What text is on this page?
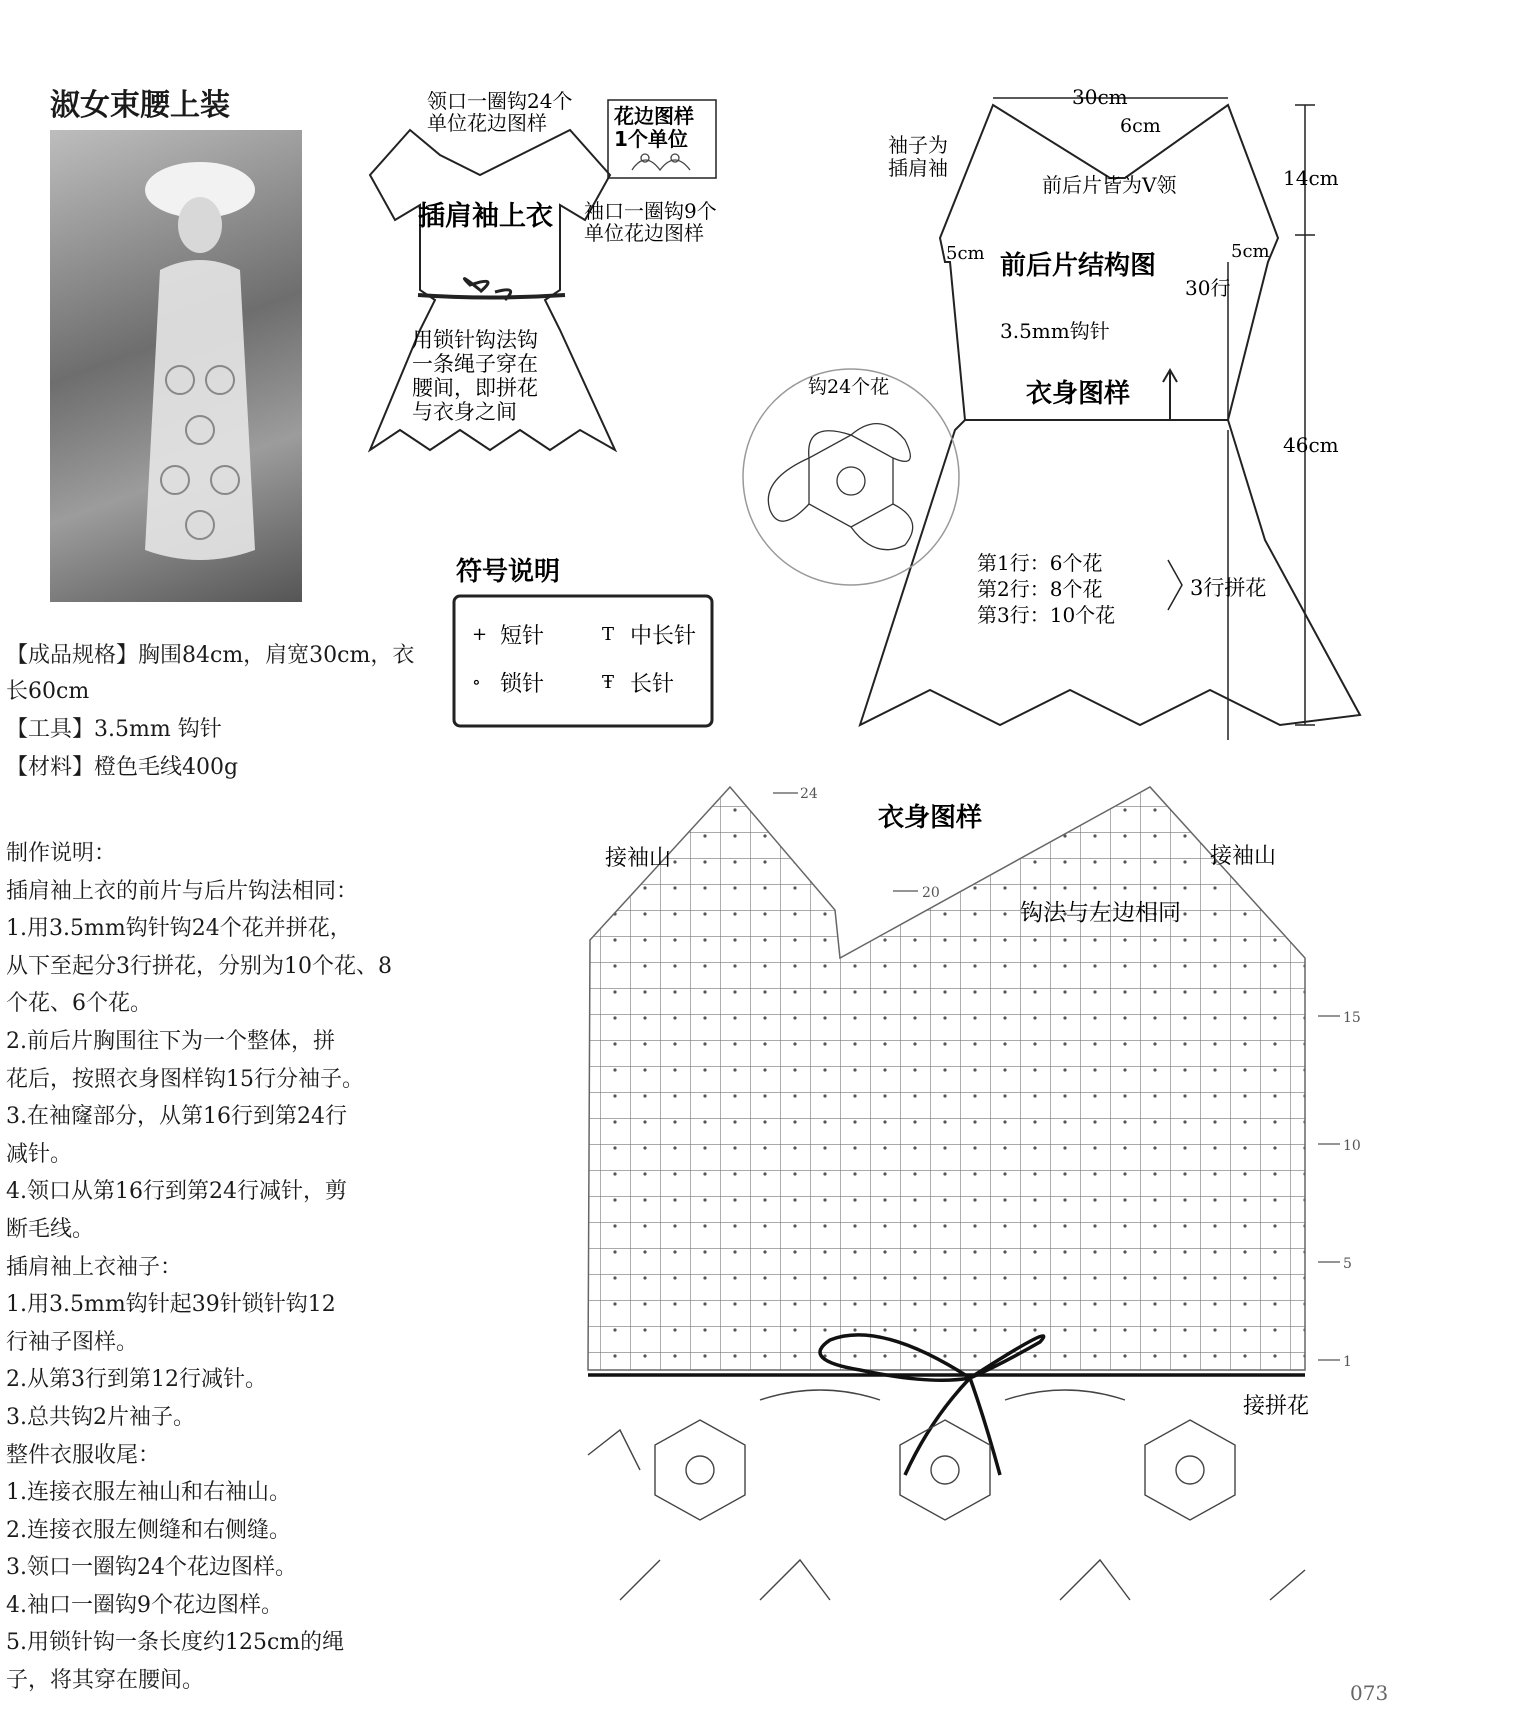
淑女束腰上装
【成品规格】胸围84cm，肩宽30cm，衣
长60cm
【工具】3.5mm 钩针
【材料】橙色毛线400g
制作说明：
插肩袖上衣的前片与后片钩法相同：
1.用3.5mm钩针钩24个花并拼花，
从下至起分3行拼花，分别为10个花、8
个花、6个花。
2.前后片胸围往下为一个整体，拼
花后，按照衣身图样钩15行分袖子。
3.在袖窿部分，从第16行到第24行
减针。
4.领口从第16行到第24行减针，剪
断毛线。
插肩袖上衣袖子：
1.用3.5mm钩针起39针锁针钩12
行袖子图样。
2.从第3行到第12行减针。
3.总共钩2片袖子。
整件衣服收尾：
1.连接衣服左袖山和右袖山。
2.连接衣服左侧缝和右侧缝。
3.领口一圈钩24个花边图样。
4.袖口一圈钩9个花边图样。
5.用锁针钩一条长度约125cm的绳
子，将其穿在腰间。
领口一圈钩24个
单位花边图样	花边图样
1个单位
插肩袖上衣 袖口一圈钩9个
单位花边图样
用锁针钩法钩
一条绳子穿在
腰间，即拼花
与衣身之间
符号说明
+ 短针	T 中长针
∘ 锁针	Ŧ 长针
30cm
6cm
袖子为
插肩袖
前后片皆为V领	14cm
5cm	5cm
前后片结构图
30行
3.5mm钩针
衣身图样
46cm
第1行：6个花
第2行：8个花
第3行：10个花
3行拼花
钩24个花
衣身图样
接袖山	接袖山
钩法与左边相同
接拼花
24
20
15
10
5
1
073
